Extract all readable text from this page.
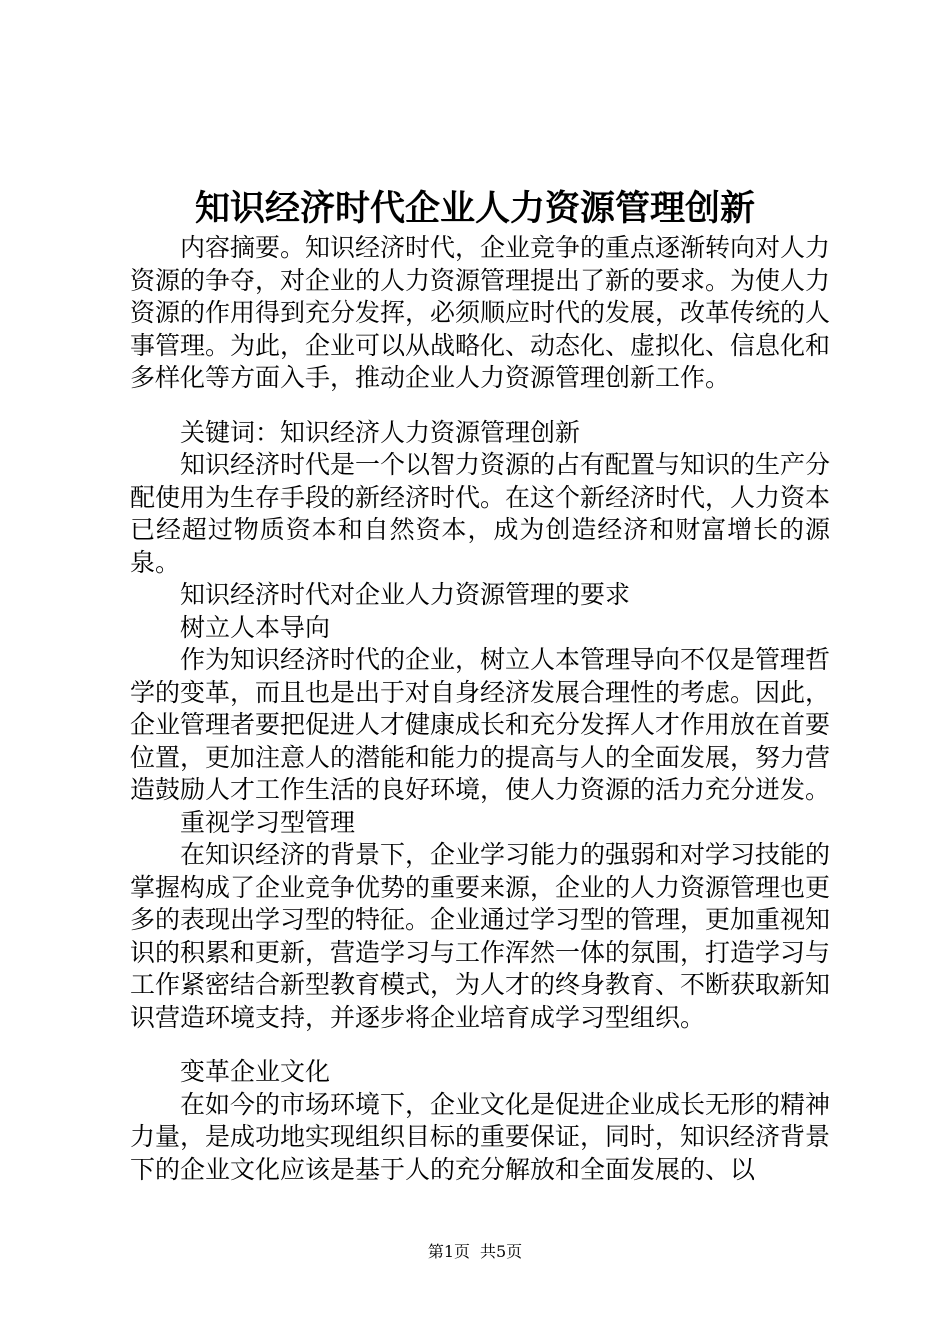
知识经济时代企业人力资源管理创新

内容摘要。知识经济时代，企业竞争的重点逐渐转向对人力资源的争夺，对企业的人力资源管理提出了新的要求。为使人力资源的作用得到充分发挥，必须顺应时代的发展，改革传统的人事管理。为此，企业可以从战略化、动态化、虚拟化、信息化和多样化等方面入手，推动企业人力资源管理创新工作。

关键词：知识经济人力资源管理创新

知识经济时代是一个以智力资源的占有配置与知识的生产分配使用为生存手段的新经济时代。在这个新经济时代，人力资本已经超过物质资本和自然资本，成为创造经济和财富增长的源泉。

知识经济时代对企业人力资源管理的要求

树立人本导向

作为知识经济时代的企业，树立人本管理导向不仅是管理哲学的变革，而且也是出于对自身经济发展合理性的考虑。因此，企业管理者要把促进人才健康成长和充分发挥人才作用放在首要位置，更加注意人的潜能和能力的提高与人的全面发展，努力营造鼓励人才工作生活的良好环境，使人力资源的活力充分迸发。

重视学习型管理

在知识经济的背景下，企业学习能力的强弱和对学习技能的掌握构成了企业竞争优势的重要来源，企业的人力资源管理也更多的表现出学习型的特征。企业通过学习型的管理，更加重视知识的积累和更新，营造学习与工作浑然一体的氛围，打造学习与工作紧密结合新型教育模式，为人才的终身教育、不断获取新知识营造环境支持，并逐步将企业培育成学习型组织。

变革企业文化

在如今的市场环境下，企业文化是促进企业成长无形的精神力量，是成功地实现组织目标的重要保证，同时，知识经济背景下的企业文化应该是基于人的充分解放和全面发展的、以

第1页 共5页
